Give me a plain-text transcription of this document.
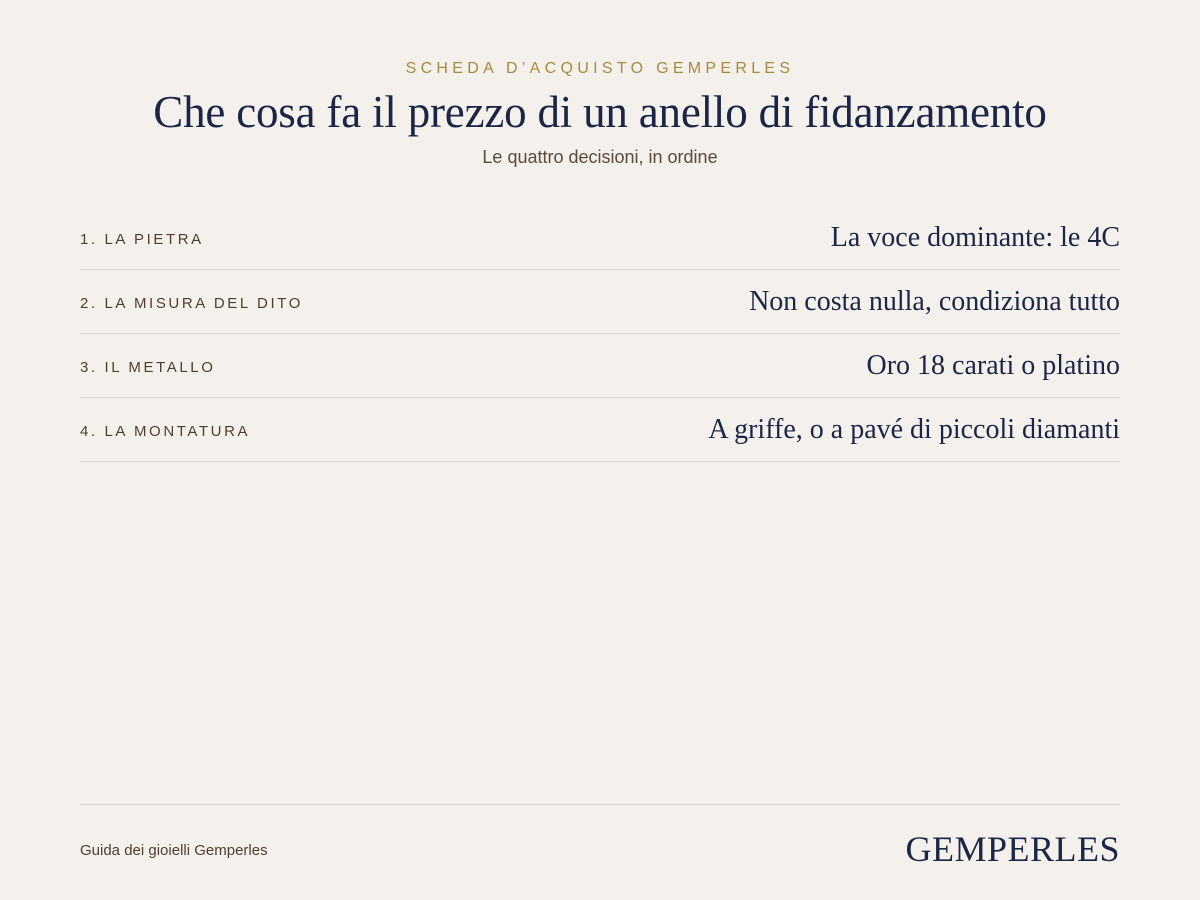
SCHEDA D’ACQUISTO GEMPERLES
Che cosa fa il prezzo di un anello di fidanzamento
Le quattro decisioni, in ordine
1. LA PIETRA	La voce dominante: le 4C
2. LA MISURA DEL DITO	Non costa nulla, condiziona tutto
3. IL METALLO	Oro 18 carati o platino
4. LA MONTATURA	A griffe, o a pavé di piccoli diamanti
Guida dei gioielli Gemperles	GEMPERLES
